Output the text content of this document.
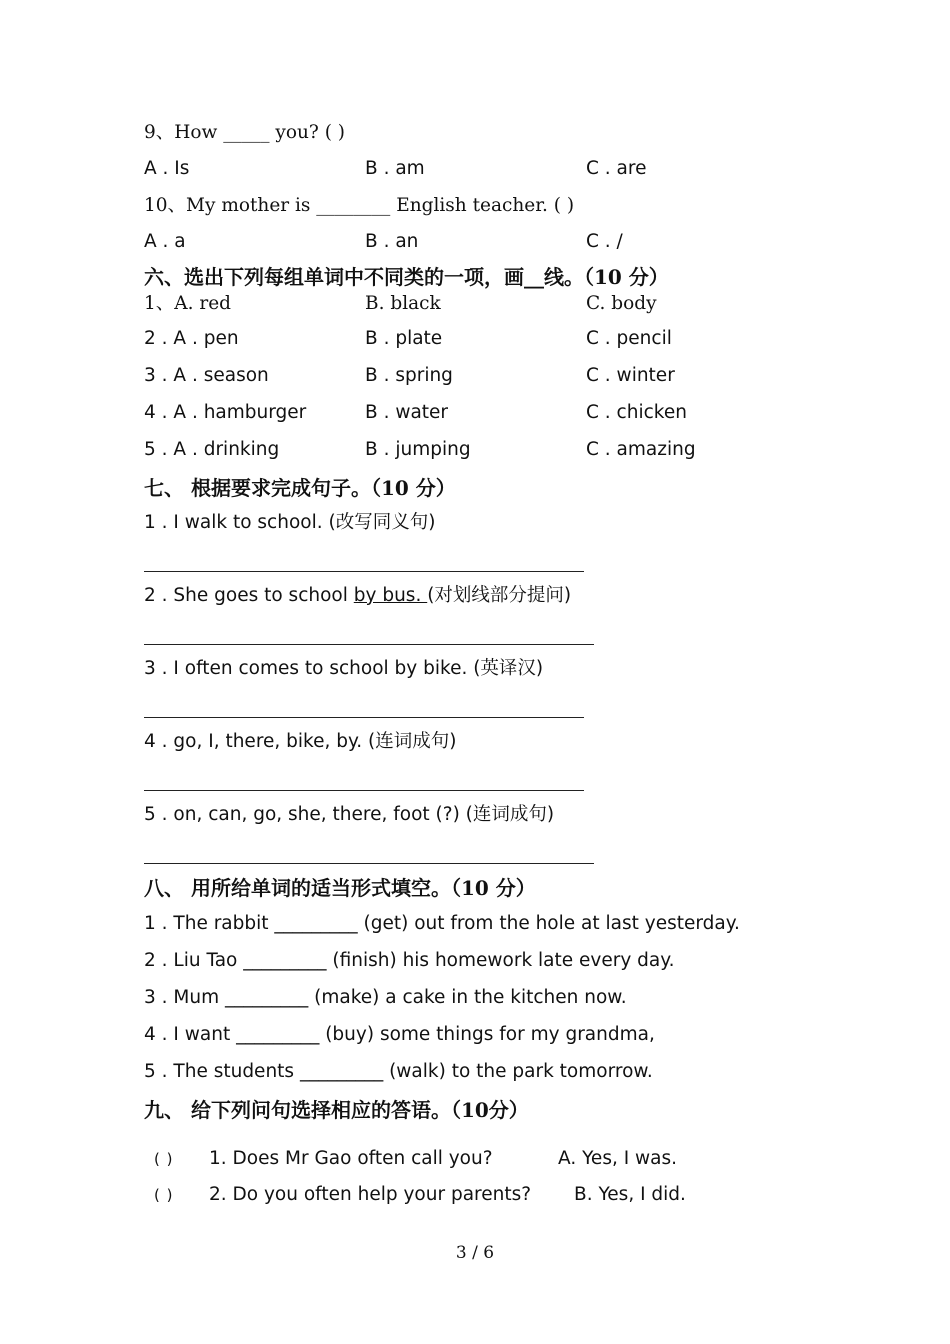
9、How _____ you? ( )
A . Is	B . am	C . are
10、My mother is ________ English teacher. ( )
A . a	B . an	C . /
六、选出下列每组单词中不同类的一项，画__线。（10 分）
1、A. red	B. black	C. body
2 . A . pen	B . plate	C . pencil
3 . A . season	B . spring	C . winter
4 . A . hamburger	B . water	C . chicken
5 . A . drinking	B . jumping	C . amazing
七、 根据要求完成句子。（10 分）
1 . I walk to school. (改写同义句)
2 . She goes to school by bus. (对划线部分提问)
3 . I often comes to school by bike. (英译汉)
4 . go, I, there, bike, by. (连词成句)
5 . on, can, go, she, there, foot (?) (连词成句)
八、 用所给单词的适当形式填空。（10 分）
1 . The rabbit _________ (get) out from the hole at last yesterday.
2 . Liu Tao _________ (finish) his homework late every day.
3 . Mum _________ (make) a cake in the kitchen now.
4 . I want _________ (buy) some things for my grandma,
5 . The students _________ (walk) to the park tomorrow.
九、 给下列问句选择相应的答语。（10分）
( ) 1. Does Mr Gao often call you?	A. Yes, I was.
( ) 2. Do you often help your parents? B. Yes, I did.
3 / 6
